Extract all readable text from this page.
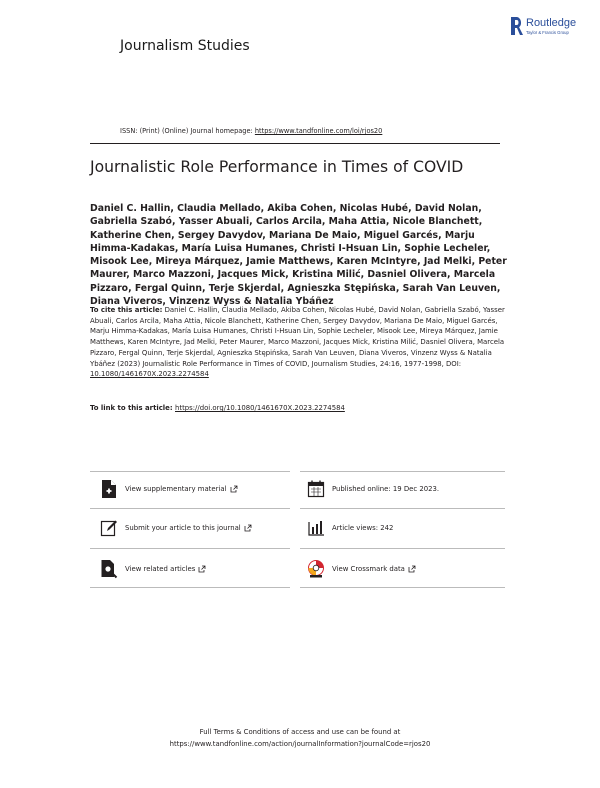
Journalism Studies
Routledge
Taylor & Francis Group
ISSN: (Print) (Online) Journal homepage: https://www.tandfonline.com/loi/rjos20
Journalistic Role Performance in Times of COVID
Daniel C. Hallin, Claudia Mellado, Akiba Cohen, Nicolas Hubé, David Nolan, Gabriella Szabó, Yasser Abuali, Carlos Arcila, Maha Attia, Nicole Blanchett, Katherine Chen, Sergey Davydov, Mariana De Maio, Miguel Garcés, Marju Himma-Kadakas, María Luisa Humanes, Christi I-Hsuan Lin, Sophie Lecheler, Misook Lee, Mireya Márquez, Jamie Matthews, Karen McIntyre, Jad Melki, Peter Maurer, Marco Mazzoni, Jacques Mick, Kristina Milić, Dasniel Olivera, Marcela Pizzaro, Fergal Quinn, Terje Skjerdal, Agnieszka Stępińska, Sarah Van Leuven, Diana Viveros, Vinzenz Wyss & Natalia Ybáñez
To cite this article: Daniel C. Hallin, Claudia Mellado, Akiba Cohen, Nicolas Hubé, David Nolan, Gabriella Szabó, Yasser Abuali, Carlos Arcila, Maha Attia, Nicole Blanchett, Katherine Chen, Sergey Davydov, Mariana De Maio, Miguel Garcés, Marju Himma-Kadakas, María Luisa Humanes, Christi I-Hsuan Lin, Sophie Lecheler, Misook Lee, Mireya Márquez, Jamie Matthews, Karen McIntyre, Jad Melki, Peter Maurer, Marco Mazzoni, Jacques Mick, Kristina Milić, Dasniel Olivera, Marcela Pizzaro, Fergal Quinn, Terje Skjerdal, Agnieszka Stępińska, Sarah Van Leuven, Diana Viveros, Vinzenz Wyss & Natalia Ybáñez (2023) Journalistic Role Performance in Times of COVID, Journalism Studies, 24:16, 1977-1998, DOI: 10.1080/1461670X.2023.2274584
To link to this article: https://doi.org/10.1080/1461670X.2023.2274584
View supplementary material	Published online: 19 Dec 2023.
Submit your article to this journal	Article views: 242
View related articles	View Crossmark data
Full Terms & Conditions of access and use can be found at
https://www.tandfonline.com/action/journalInformation?journalCode=rjos20
